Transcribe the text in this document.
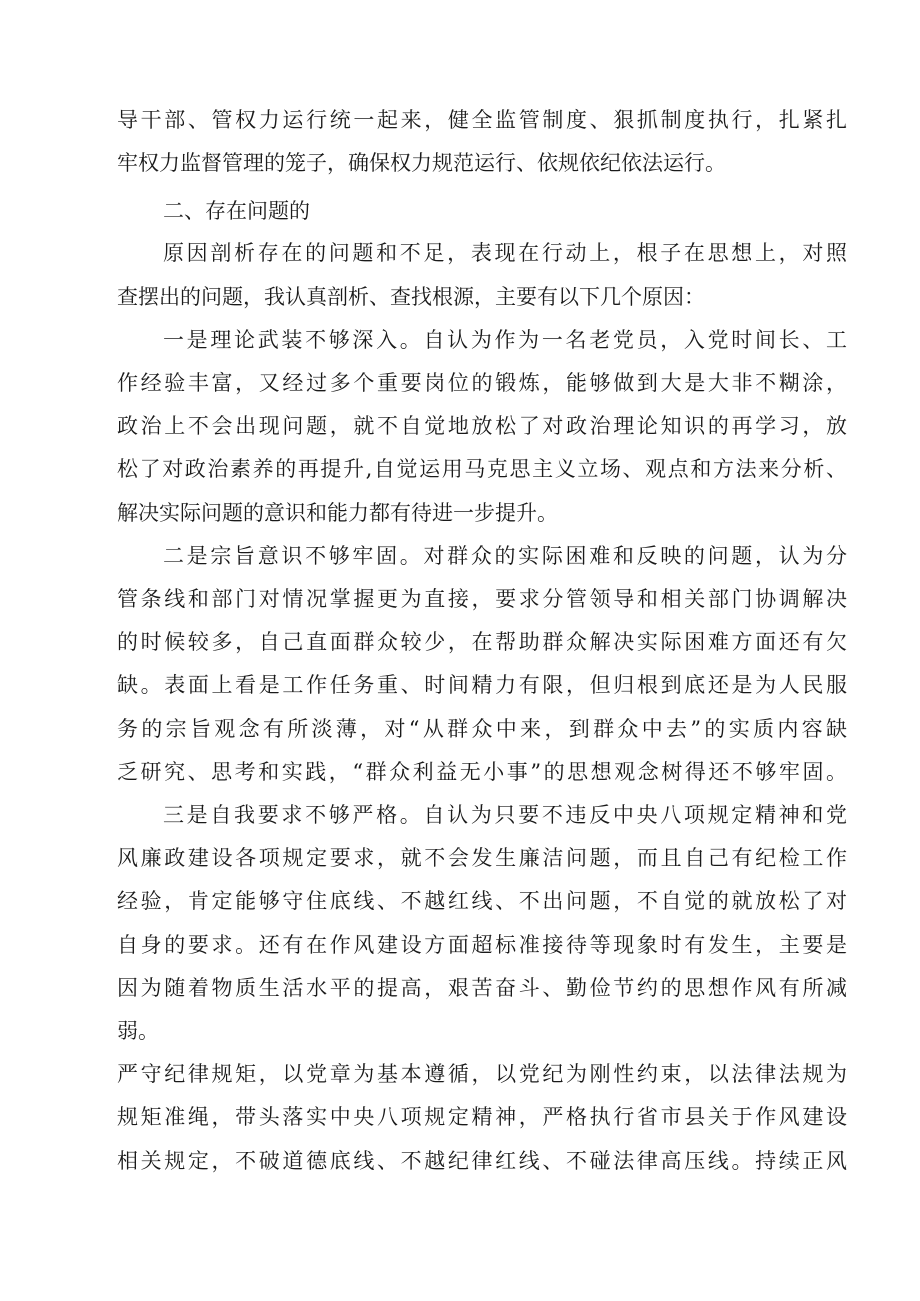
导干部、管权力运行统一起来，健全监管制度、狠抓制度执行，扎紧扎
牢权力监督管理的笼子，确保权力规范运行、依规依纪依法运行。
二、存在问题的
原因剖析存在的问题和不足，表现在行动上，根子在思想上，对照
查摆出的问题，我认真剖析、查找根源，主要有以下几个原因：
一是理论武装不够深入。自认为作为一名老党员，入党时间长、工
作经验丰富，又经过多个重要岗位的锻炼，能够做到大是大非不糊涂，
政治上不会出现问题，就不自觉地放松了对政治理论知识的再学习，放
松了对政治素养的再提升,自觉运用马克思主义立场、观点和方法来分析、
解决实际问题的意识和能力都有待进一步提升。
二是宗旨意识不够牢固。对群众的实际困难和反映的问题，认为分
管条线和部门对情况掌握更为直接，要求分管领导和相关部门协调解决
的时候较多，自己直面群众较少，在帮助群众解决实际困难方面还有欠
缺。表面上看是工作任务重、时间精力有限，但归根到底还是为人民服
务的宗旨观念有所淡薄，对“从群众中来，到群众中去”的实质内容缺
乏研究、思考和实践，“群众利益无小事”的思想观念树得还不够牢固。
三是自我要求不够严格。自认为只要不违反中央八项规定精神和党
风廉政建设各项规定要求，就不会发生廉洁问题，而且自己有纪检工作
经验，肯定能够守住底线、不越红线、不出问题，不自觉的就放松了对
自身的要求。还有在作风建设方面超标准接待等现象时有发生，主要是
因为随着物质生活水平的提高，艰苦奋斗、勤俭节约的思想作风有所减
弱。
严守纪律规矩，以党章为基本遵循，以党纪为刚性约束，以法律法规为
规矩准绳，带头落实中央八项规定精神，严格执行省市县关于作风建设
相关规定，不破道德底线、不越纪律红线、不碰法律高压线。持续正风
